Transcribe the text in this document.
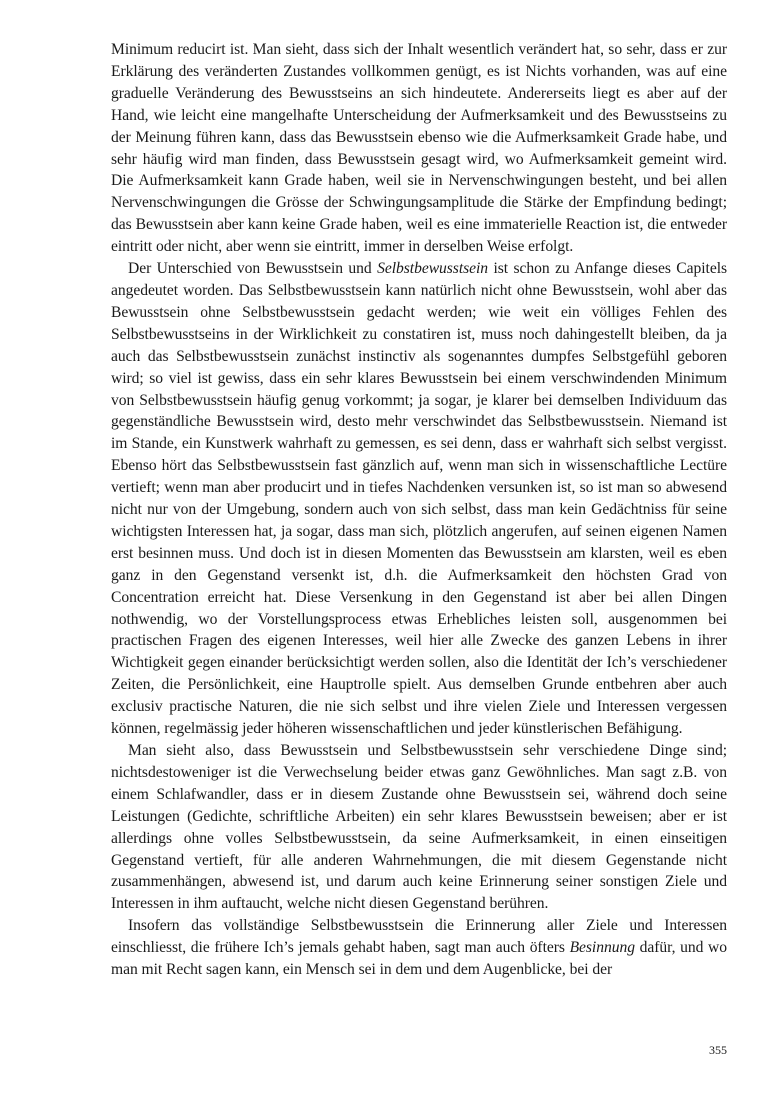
Minimum reducirt ist. Man sieht, dass sich der Inhalt wesentlich verändert hat, so sehr, dass er zur Erklärung des veränderten Zustandes vollkommen genügt, es ist Nichts vorhanden, was auf eine graduelle Veränderung des Bewusstseins an sich hindeutete. Andererseits liegt es aber auf der Hand, wie leicht eine mangelhafte Unterscheidung der Aufmerksamkeit und des Bewusstseins zu der Meinung führen kann, dass das Bewusstsein ebenso wie die Aufmerksamkeit Grade habe, und sehr häufig wird man finden, dass Bewusstsein gesagt wird, wo Aufmerksamkeit gemeint wird. Die Aufmerksamkeit kann Grade haben, weil sie in Nervenschwingungen besteht, und bei allen Nervenschwingungen die Grösse der Schwingungsamplitude die Stärke der Empfindung bedingt; das Bewusstsein aber kann keine Grade haben, weil es eine immaterielle Reaction ist, die entweder eintritt oder nicht, aber wenn sie eintritt, immer in derselben Weise erfolgt.

Der Unterschied von Bewusstsein und Selbstbewusstsein ist schon zu Anfange dieses Capitels angedeutet worden. Das Selbstbewusstsein kann natürlich nicht ohne Bewusstsein, wohl aber das Bewusstsein ohne Selbstbewusstsein gedacht werden; wie weit ein völliges Fehlen des Selbstbewusstseins in der Wirklichkeit zu constatiren ist, muss noch dahingestellt bleiben, da ja auch das Selbstbewusstsein zunächst instinctiv als sogenanntes dumpfes Selbstgefühl geboren wird; so viel ist gewiss, dass ein sehr klares Bewusstsein bei einem verschwindenden Minimum von Selbstbewusstsein häufig genug vorkommt; ja sogar, je klarer bei demselben Individuum das gegenständliche Bewusstsein wird, desto mehr verschwindet das Selbstbewusstsein. Niemand ist im Stande, ein Kunstwerk wahrhaft zu gemessen, es sei denn, dass er wahrhaft sich selbst vergisst. Ebenso hört das Selbstbewusstsein fast gänzlich auf, wenn man sich in wissenschaftliche Lectüre vertieft; wenn man aber producirt und in tiefes Nachdenken versunken ist, so ist man so abwesend nicht nur von der Umgebung, sondern auch von sich selbst, dass man kein Gedächtniss für seine wichtigsten Interessen hat, ja sogar, dass man sich, plötzlich angerufen, auf seinen eigenen Namen erst besinnen muss. Und doch ist in diesen Momenten das Bewusstsein am klarsten, weil es eben ganz in den Gegenstand versenkt ist, d.h. die Aufmerksamkeit den höchsten Grad von Concentration erreicht hat. Diese Versenkung in den Gegenstand ist aber bei allen Dingen nothwendig, wo der Vorstellungsprocess etwas Erhebliches leisten soll, ausgenommen bei practischen Fragen des eigenen Interesses, weil hier alle Zwecke des ganzen Lebens in ihrer Wichtigkeit gegen einander berücksichtigt werden sollen, also die Identität der Ich’s verschiedener Zeiten, die Persönlichkeit, eine Hauptrolle spielt. Aus demselben Grunde entbehren aber auch exclusiv practische Naturen, die nie sich selbst und ihre vielen Ziele und Interessen vergessen können, regelmässig jeder höheren wissenschaftlichen und jeder künstlerischen Befähigung.

Man sieht also, dass Bewusstsein und Selbstbewusstsein sehr verschiedene Dinge sind; nichtsdestoweniger ist die Verwechselung beider etwas ganz Gewöhnliches. Man sagt z.B. von einem Schlafwandler, dass er in diesem Zustande ohne Bewusstsein sei, während doch seine Leistungen (Gedichte, schriftliche Arbeiten) ein sehr klares Bewusstsein beweisen; aber er ist allerdings ohne volles Selbstbewusstsein, da seine Aufmerksamkeit, in einen einseitigen Gegenstand vertieft, für alle anderen Wahrnehmungen, die mit diesem Gegenstande nicht zusammenhängen, abwesend ist, und darum auch keine Erinnerung seiner sonstigen Ziele und Interessen in ihm auftaucht, welche nicht diesen Gegenstand berühren.

Insofern das vollständige Selbstbewusstsein die Erinnerung aller Ziele und Interessen einschliesst, die frühere Ich’s jemals gehabt haben, sagt man auch öfters Besinnung dafür, und wo man mit Recht sagen kann, ein Mensch sei in dem und dem Augenblicke, bei der

355
